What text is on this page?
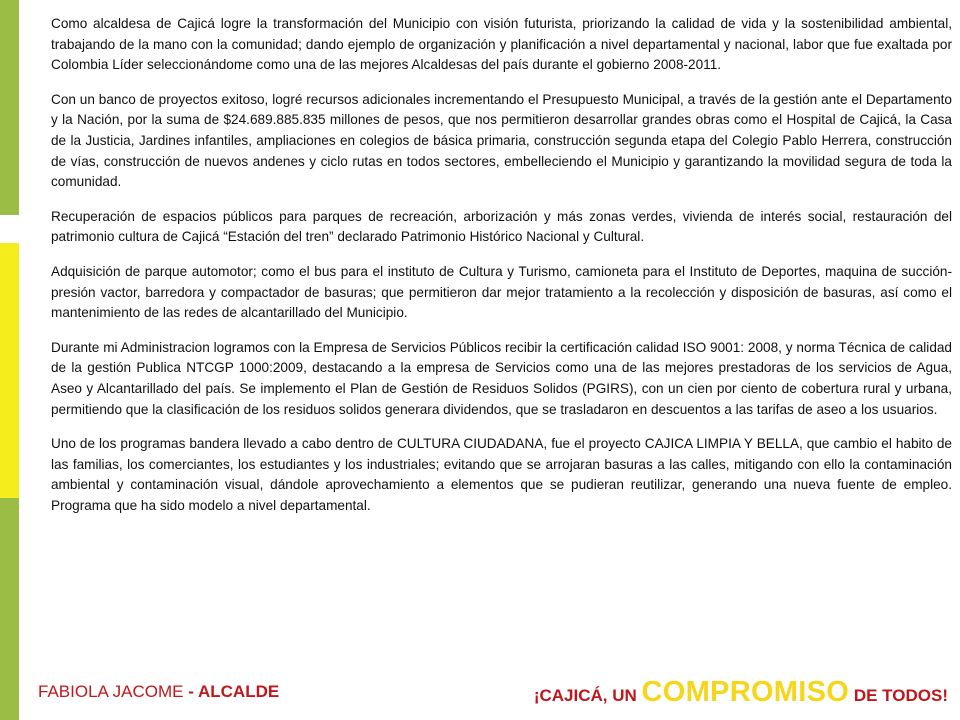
Como alcaldesa de Cajicá logre la transformación del Municipio con visión futurista, priorizando la calidad de vida y la sostenibilidad ambiental, trabajando de la mano con la comunidad; dando ejemplo de organización y planificación a nivel departamental y nacional, labor que fue exaltada por Colombia Líder seleccionándome como una de las mejores Alcaldesas del país durante el gobierno 2008-2011.

Con un banco de proyectos exitoso, logré recursos adicionales incrementando el Presupuesto Municipal, a través de la gestión ante el Departamento y la Nación, por la suma de $24.689.885.835 millones de pesos, que nos permitieron desarrollar grandes obras como el Hospital de Cajicá, la Casa de la Justicia, Jardines infantiles, ampliaciones en colegios de básica primaria, construcción segunda etapa del Colegio Pablo Herrera, construcción de vías, construcción de nuevos andenes y ciclo rutas en todos sectores, embelleciendo el Municipio y garantizando la movilidad segura de toda la comunidad.

Recuperación de espacios públicos para parques de recreación, arborización y más zonas verdes, vivienda de interés social, restauración del patrimonio cultura de Cajicá “Estación del tren” declarado Patrimonio Histórico Nacional y Cultural.

Adquisición de parque automotor; como el bus para el instituto de Cultura y Turismo, camioneta para el Instituto de Deportes, maquina de succión- presión vactor, barredora y compactador de basuras; que permitieron dar mejor tratamiento a la recolección y disposición de basuras, así como el mantenimiento de las redes de alcantarillado del Municipio.

Durante mi Administracion logramos con la Empresa de Servicios Públicos recibir la certificación calidad ISO 9001: 2008, y norma Técnica de calidad de la gestión Publica NTCGP 1000:2009, destacando a la empresa de Servicios como una de las mejores prestadoras de los servicios de Agua, Aseo y Alcantarillado del país. Se implemento el Plan de Gestión de Residuos Solidos (PGIRS), con un cien por ciento de cobertura rural y urbana, permitiendo que la clasificación de los residuos solidos generara dividendos, que se trasladaron en descuentos a las tarifas de aseo a los usuarios.

Uno de los programas bandera llevado a cabo dentro de CULTURA CIUDADANA, fue el proyecto CAJICA LIMPIA Y BELLA, que cambio el habito de las familias, los comerciantes, los estudiantes y los industriales; evitando que se arrojaran basuras a las calles, mitigando con ello la contaminación ambiental y contaminación visual, dándole aprovechamiento a elementos que se pudieran reutilizar, generando una nueva fuente de empleo. Programa que ha sido modelo a nivel departamental.

FABIOLA JACOME - ALCALDE	¡CAJICÁ, UN COMPROMISO DE TODOS!
